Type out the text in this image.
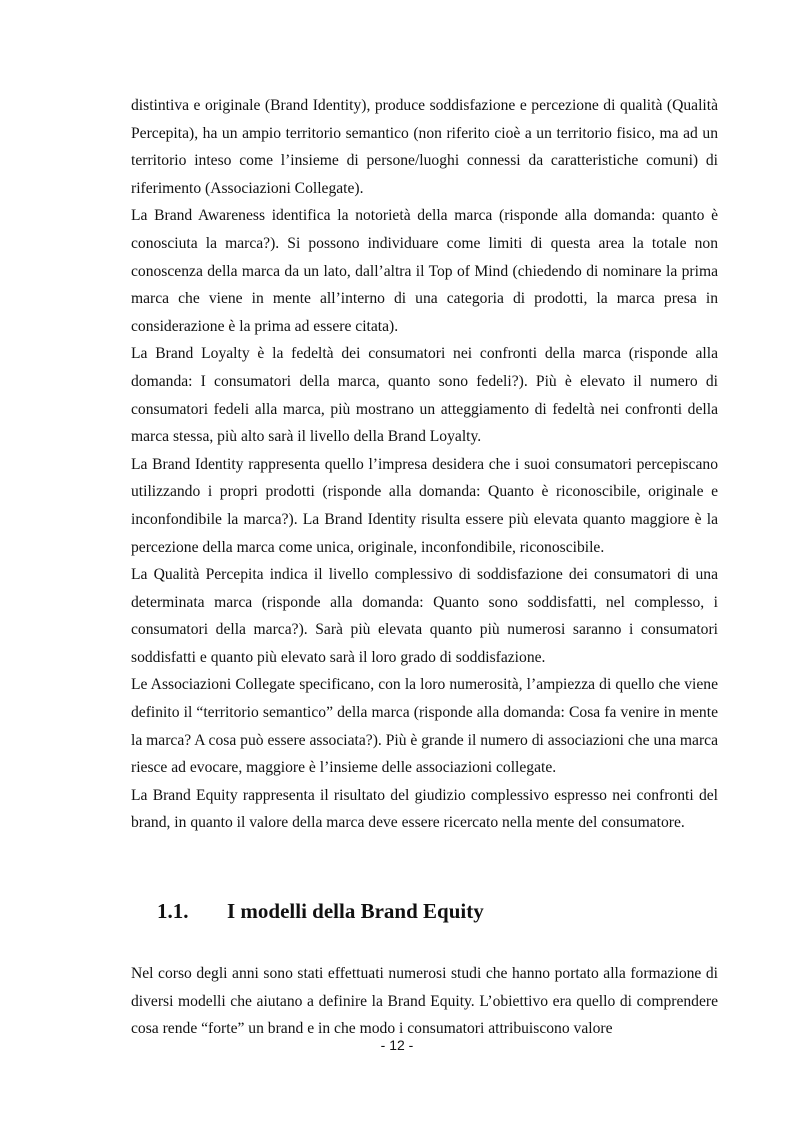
distintiva e originale (Brand Identity), produce soddisfazione e percezione di qualità (Qualità Percepita), ha un ampio territorio semantico (non riferito cioè a un territorio fisico, ma ad un territorio inteso come l’insieme di persone/luoghi connessi da caratteristiche comuni) di riferimento (Associazioni Collegate).

La Brand Awareness identifica la notorietà della marca (risponde alla domanda: quanto è conosciuta la marca?). Si possono individuare come limiti di questa area la totale non conoscenza della marca da un lato, dall’altra il Top of Mind (chiedendo di nominare la prima marca che viene in mente all’interno di una categoria di prodotti, la marca presa in considerazione è la prima ad essere citata).

La Brand Loyalty è la fedeltà dei consumatori nei confronti della marca (risponde alla domanda: I consumatori della marca, quanto sono fedeli?). Più è elevato il numero di consumatori fedeli alla marca, più mostrano un atteggiamento di fedeltà nei confronti della marca stessa, più alto sarà il livello della Brand Loyalty.

La Brand Identity rappresenta quello l’impresa desidera che i suoi consumatori percepiscano utilizzando i propri prodotti (risponde alla domanda: Quanto è riconoscibile, originale e inconfondibile la marca?). La Brand Identity risulta essere più elevata quanto maggiore è la percezione della marca come unica, originale, inconfondibile, riconoscibile.

La Qualità Percepita indica il livello complessivo di soddisfazione dei consumatori di una determinata marca (risponde alla domanda: Quanto sono soddisfatti, nel complesso, i consumatori della marca?). Sarà più elevata quanto più numerosi saranno i consumatori soddisfatti e quanto più elevato sarà il loro grado di soddisfazione.

Le Associazioni Collegate specificano, con la loro numerosità, l’ampiezza di quello che viene definito il “territorio semantico” della marca (risponde alla domanda: Cosa fa venire in mente la marca? A cosa può essere associata?). Più è grande il numero di associazioni che una marca riesce ad evocare, maggiore è l’insieme delle associazioni collegate.

La Brand Equity rappresenta il risultato del giudizio complessivo espresso nei confronti del brand, in quanto il valore della marca deve essere ricercato nella mente del consumatore.

1.1. I modelli della Brand Equity

Nel corso degli anni sono stati effettuati numerosi studi che hanno portato alla formazione di diversi modelli che aiutano a definire la Brand Equity. L’obiettivo era quello di comprendere cosa rende “forte” un brand e in che modo i consumatori attribuiscono valore

- 12 -
